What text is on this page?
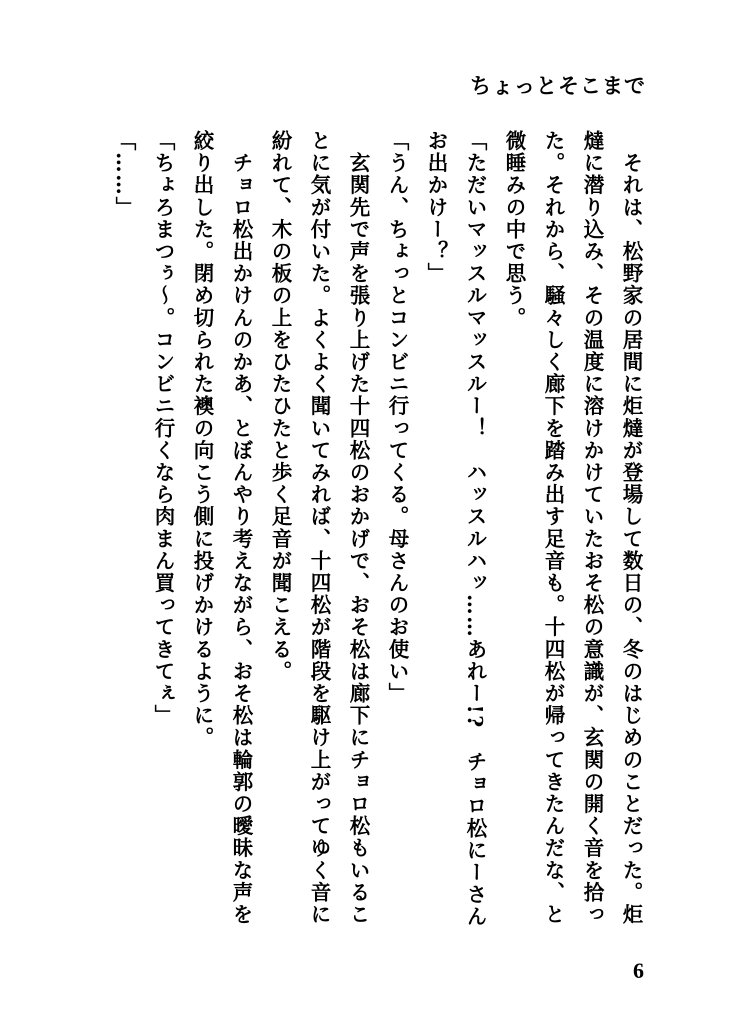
ちょっとそこまで

　それは、松野家の居間に炬燵が登場して数日の、冬のはじめのことだった。炬燵に潜り込み、その温度に溶けかけていたおそ松の意識が、玄関の開く音を拾った。それから、騒々しく廊下を踏み出す足音も。十四松が帰ってきたんだな、と微睡みの中で思う。

「ただいマッスルマッスルー！　ハッスルハッ……あれー!?　チョロ松にーさんお出かけー？」

「うん、ちょっとコンビニ行ってくる。母さんのお使い」

　玄関先で声を張り上げた十四松のおかげで、おそ松は廊下にチョロ松もいることに気が付いた。よくよく聞いてみれば、十四松が階段を駆け上がってゆく音に紛れて、木の板の上をひたひたと歩く足音が聞こえる。

　チョロ松出かけんのかあ、とぼんやり考えながら、おそ松は輪郭の曖昧な声を絞り出した。閉め切られた襖の向こう側に投げかけるように。

「ちょろまつぅ～。コンビニ行くなら肉まん買ってきてぇ」

「……」

6
